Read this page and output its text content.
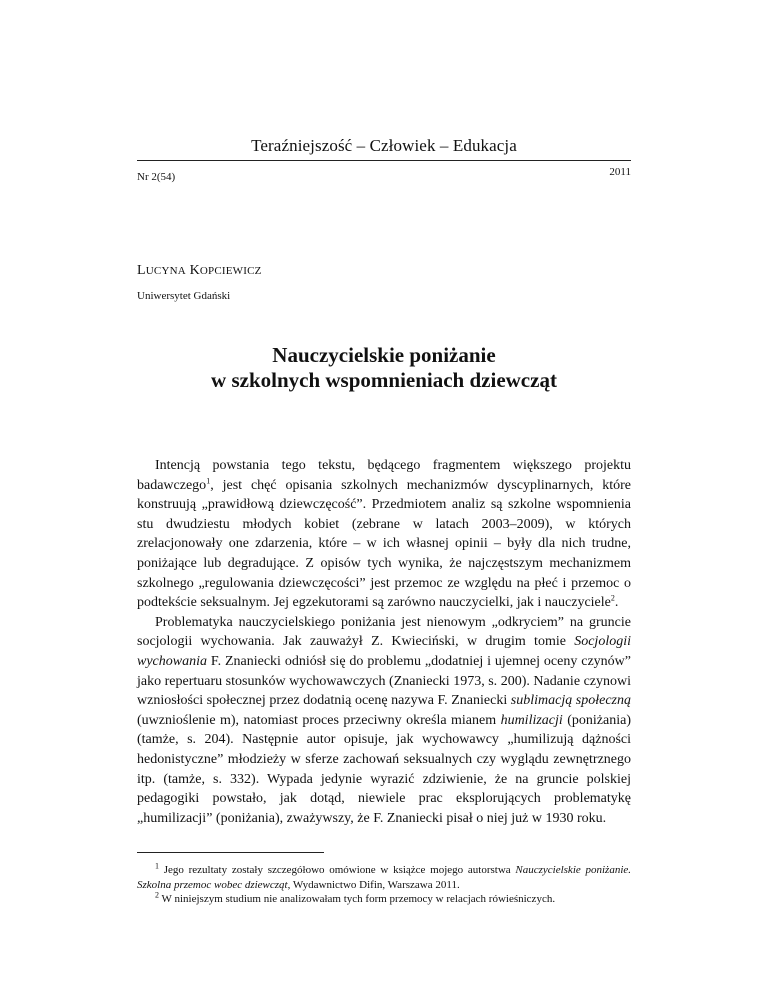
Teraźniejszość – Człowiek – Edukacja
Nr 2(54)	2011
LUCYNA KOPCIEWICZ
Uniwersytet Gdański
Nauczycielskie poniżanie
w szkolnych wspomnieniach dziewcząt

Intencją powstania tego tekstu, będącego fragmentem większego projektu badawczego$^1$, jest chęć opisania szkolnych mechanizmów dyscyplinarnych, które konstruują „prawidłową dziewczęcość”. Przedmiotem analiz są szkolne wspomnienia stu dwudziestu młodych kobiet (zebrane w latach 2003–2009), w których zrelacjonowały one zdarzenia, które – w ich własnej opinii – były dla nich trudne, poniżające lub degradujące. Z opisów tych wynika, że najczęstszym mechanizmem szkolnego „regulowania dziewczęcości” jest przemoc ze względu na płeć i przemoc o podtekście seksualnym. Jej egzekutorami są zarówno nauczycielki, jak i nauczyciele$^2$.

Problematyka nauczycielskiego poniżania jest nienowym „odkryciem” na gruncie socjologii wychowania. Jak zauważył Z. Kwieciński, w drugim tomie Socjologii wychowania F. Znaniecki odniósł się do problemu „dodatniej i ujemnej oceny czynów” jako repertuaru stosunków wychowawczych (Znaniecki 1973, s. 200). Nadanie czynowi wzniosłości społecznej przez dodatnią ocenę nazywa F. Znaniecki sublimacją społeczną (uwznioślenie m), natomiast proces przeciwny określa mianem humilizacji (poniżania) (tamże, s. 204). Następnie autor opisuje, jak wychowawcy „humilizują dążności hedonistyczne” młodzieży w sferze zachowań seksualnych czy wyglądu zewnętrznego itp. (tamże, s. 332). Wypada jedynie wyrazić zdziwienie, że na gruncie polskiej pedagogiki powstało, jak dotąd, niewiele prac eksplorujących problematykę „humilizacji” (poniżania), zważywszy, że F. Znaniecki pisał o niej już w 1930 roku.

$^1$ Jego rezultaty zostały szczegółowo omówione w książce mojego autorstwa Nauczycielskie poniżanie. Szkolna przemoc wobec dziewcząt, Wydawnictwo Difin, Warszawa 2011.

$^2$ W niniejszym studium nie analizowałam tych form przemocy w relacjach rówieśniczych.
